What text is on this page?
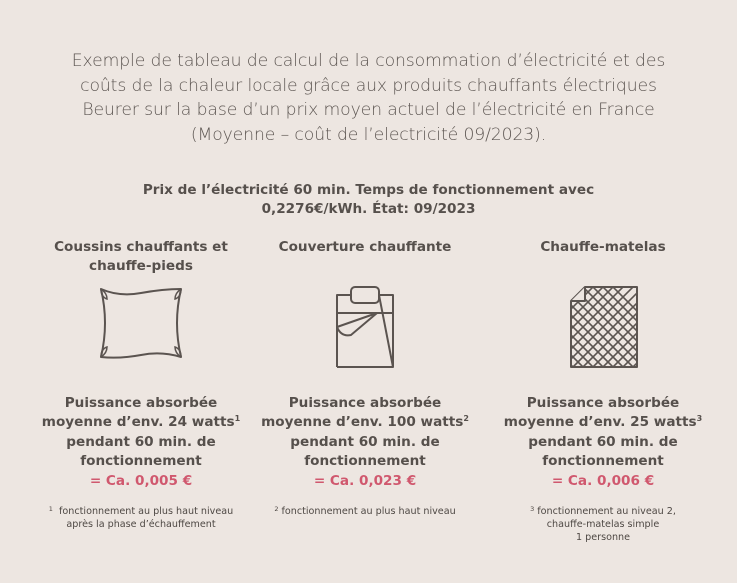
Exemple de tableau de calcul de la consommation d’électricité et des

coûts de la chaleur locale grâce aux produits chauffants électriques

Beurer sur la base d’un prix moyen actuel de l’électricité en France

(Moyenne – coût de l’electricité 09/2023).

Prix de l’électricité 60 min. Temps de fonctionnement avec

0,2276€/kWh. État: 09/2023

Coussins chauffants et

chauffe-pieds

Puissance absorbée

moyenne d’env. 24 watts$^1$

pendant 60 min. de

fonctionnement

= Ca. 0,005 €

$^1$ fonctionnement au plus haut niveau

après la phase d’échauffement

Couverture chauffante

Puissance absorbée

moyenne d’env. 100 watts$^2$

pendant 60 min. de

fonctionnement

= Ca. 0,023 €

$^2$ fonctionnement au plus haut niveau

Chauffe-matelas

Puissance absorbée

moyenne d’env. 25 watts$^3$

pendant 60 min. de

fonctionnement

= Ca. 0,006 €

$^3$ fonctionnement au niveau 2,

chauffe-matelas simple

1 personne
